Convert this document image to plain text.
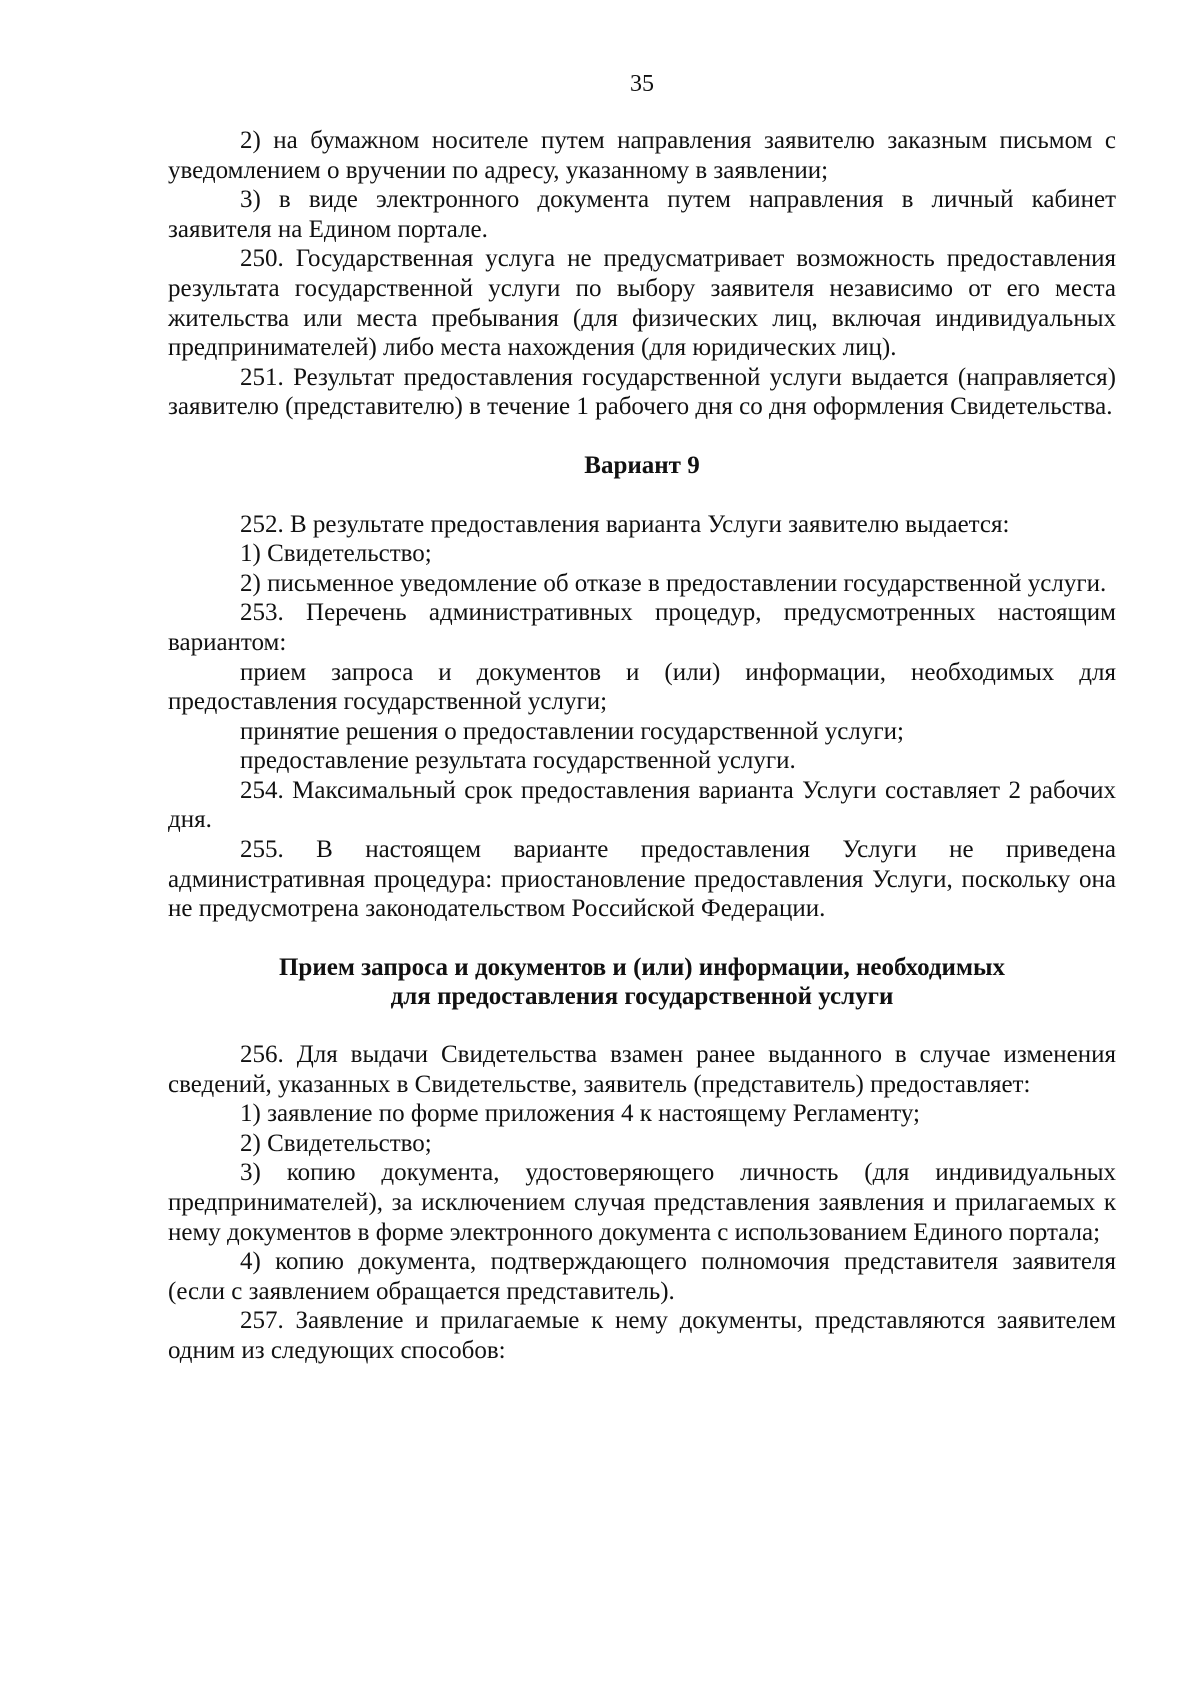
35

2) на бумажном носителе путем направления заявителю заказным письмом с уведомлением о вручении по адресу, указанному в заявлении;

3) в виде электронного документа путем направления в личный кабинет заявителя на Едином портале.

250. Государственная услуга не предусматривает возможность предоставления результата государственной услуги по выбору заявителя независимо от его места жительства или места пребывания (для физических лиц, включая индивидуальных предпринимателей) либо места нахождения (для юридических лиц).

251. Результат предоставления государственной услуги выдается (направляется) заявителю (представителю) в течение 1 рабочего дня со дня оформления Свидетельства.

Вариант 9

252. В результате предоставления варианта Услуги заявителю выдается:

1) Свидетельство;

2) письменное уведомление об отказе в предоставлении государственной услуги.

253. Перечень административных процедур, предусмотренных настоящим вариантом:

прием запроса и документов и (или) информации, необходимых для предоставления государственной услуги;

принятие решения о предоставлении государственной услуги;

предоставление результата государственной услуги.

254. Максимальный срок предоставления варианта Услуги составляет 2 рабочих дня.

255. В настоящем варианте предоставления Услуги не приведена административная процедура: приостановление предоставления Услуги, поскольку она не предусмотрена законодательством Российской Федерации.

Прием запроса и документов и (или) информации, необходимых
для предоставления государственной услуги

256. Для выдачи Свидетельства взамен ранее выданного в случае изменения сведений, указанных в Свидетельстве, заявитель (представитель) предоставляет:

1) заявление по форме приложения 4 к настоящему Регламенту;

2) Свидетельство;

3) копию документа, удостоверяющего личность (для индивидуальных предпринимателей), за исключением случая представления заявления и прилагаемых к нему документов в форме электронного документа с использованием Единого портала;

4) копию документа, подтверждающего полномочия представителя заявителя (если с заявлением обращается представитель).

257. Заявление и прилагаемые к нему документы, представляются заявителем одним из следующих способов:
